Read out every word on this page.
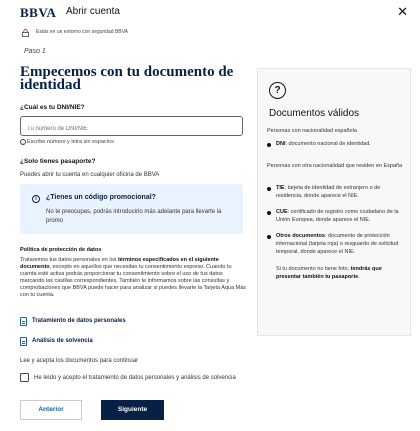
BBVA Abrir cuenta	✕
Estás en un entorno con seguridad BBVA
Paso 1
Empecemos con tu documento de identidad
¿Cuál es tu DNI/NIE?
Tu número de DNI/NIE
i Escribe número y letra sin espacios
¿Solo tienes pasaporte?
Puedes abrir tu cuenta en cualquier oficina de BBVA
i	¿Tienes un código promocional?
No te preocupes, podrás introducirlo más adelante para llevarte la promo
Política de protección de datos

Trataremos tus datos personales en los términos especificados en el siguiente documento, excepto en aquellos que necesitan tu consentimiento expreso. Cuando tu cuenta esté activa podrás proporcionar tu consentimiento sobre el uso de tus datos marcando las casillas correspondientes. También te informamos sobre las consultas y comprobaciones que BBVA puede hacer para analizar si puedes llevarte la Tarjeta Aqua Más con tu cuenta.

Tratamiento de datos personales
Análisis de solvencia
Lee y acepta los documentos para continuar
He leído y acepto el tratamiento de datos personales y análisis de solvencia
Anterior	Siguiente
?
Documentos válidos
Personas con nacionalidad española
DNI: documento nacional de identidad.
Personas con otra nacionalidad que residen en España
TIE: tarjeta de identidad de extranjero o de residencia, donde aparece el NIE.
CUE: certificado de registro como ciudadano de la Unión Europea, donde aparece el NIE.
Otros documentos: documento de protección internacional (tarjeta roja) o resguardo de solicitud temporal, donde aparece el NIE.
Si tu documento no tiene foto, tendrás que presentar también tu pasaporte.
